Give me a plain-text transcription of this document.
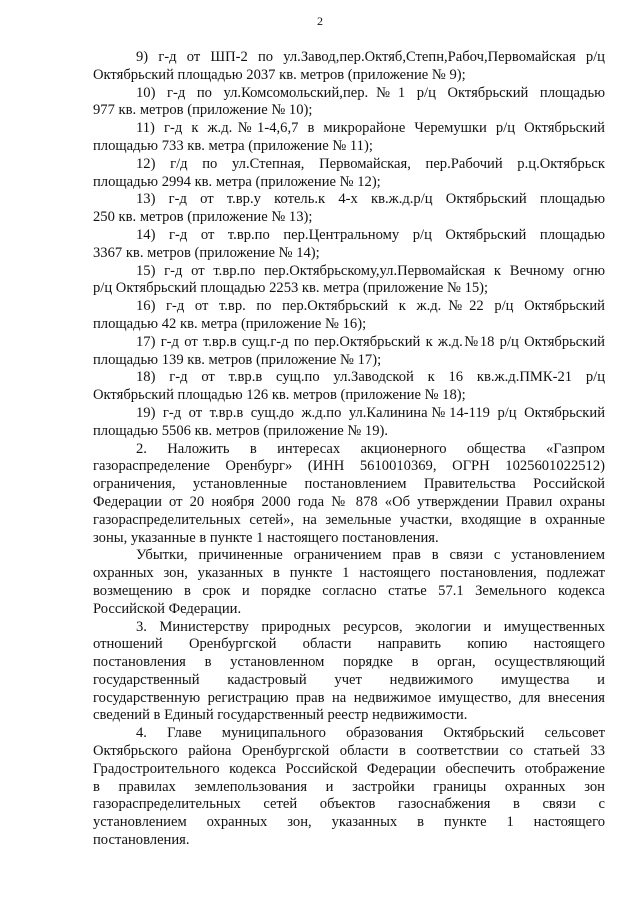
2
9) г-д от ШП-2 по ул.Завод,пер.Октяб,Степн,Рабоч,Первомайская р/ц
Октябрьский площадью 2037 кв. метров (приложение № 9);
10) г-д по ул.Комсомольский,пер.№1 р/ц Октябрьский площадью
977 кв. метров (приложение № 10);
11) г-д к ж.д.№1-4,6,7 в микрорайоне Черемушки р/ц Октябрьский
площадью 733 кв. метра (приложение № 11);
12) г/д по ул.Степная, Первомайская, пер.Рабочий р.ц.Октябрьск
площадью 2994 кв. метра (приложение № 12);
13) г-д от т.вр.у котель.к 4-х кв.ж.д.р/ц Октябрьский площадью
250 кв. метров (приложение № 13);
14) г-д от т.вр.по пер.Центральному р/ц Октябрьский площадью
3367 кв. метров (приложение № 14);
15) г-д от т.вр.по пер.Октябрьскому,ул.Первомайская к Вечному огню
р/ц Октябрьский площадью 2253 кв. метра (приложение № 15);
16) г-д от т.вр. по пер.Октябрьский к ж.д.№22 р/ц Октябрьский
площадью 42 кв. метра (приложение № 16);
17) г-д от т.вр.в сущ.г-д по пер.Октябрьский к ж.д.№18 р/ц Октябрьский
площадью 139 кв. метров (приложение № 17);
18) г-д от т.вр.в сущ.по ул.Заводской к 16 кв.ж.д.ПМК-21 р/ц
Октябрьский площадью 126 кв. метров (приложение № 18);
19) г-д от т.вр.в сущ.до ж.д.по ул.Калинина№14-119 р/ц Октябрьский
площадью 5506 кв. метров (приложение № 19).
2. Наложить в интересах акционерного общества «Газпром
газораспределение Оренбург» (ИНН 5610010369, ОГРН 1025601022512)
ограничения, установленные постановлением Правительства Российской
Федерации от 20 ноября 2000 года № 878 «Об утверждении Правил охраны
газораспределительных сетей», на земельные участки, входящие в охранные
зоны, указанные в пункте 1 настоящего постановления.
Убытки, причиненные ограничением прав в связи с установлением
охранных зон, указанных в пункте 1 настоящего постановления, подлежат
возмещению в срок и порядке согласно статье 57.1 Земельного кодекса
Российской Федерации.
3. Министерству природных ресурсов, экологии и имущественных
отношений Оренбургской области направить копию настоящего
постановления в установленном порядке в орган, осуществляющий
государственный кадастровый учет недвижимого имущества и
государственную регистрацию прав на недвижимое имущество, для внесения
сведений в Единый государственный реестр недвижимости.
4. Главе муниципального образования Октябрьский сельсовет
Октябрьского района Оренбургской области в соответствии со статьей 33
Градостроительного кодекса Российской Федерации обеспечить отображение
в правилах землепользования и застройки границы охранных зон
газораспределительных сетей объектов газоснабжения в связи с
установлением охранных зон, указанных в пункте 1 настоящего
постановления.
